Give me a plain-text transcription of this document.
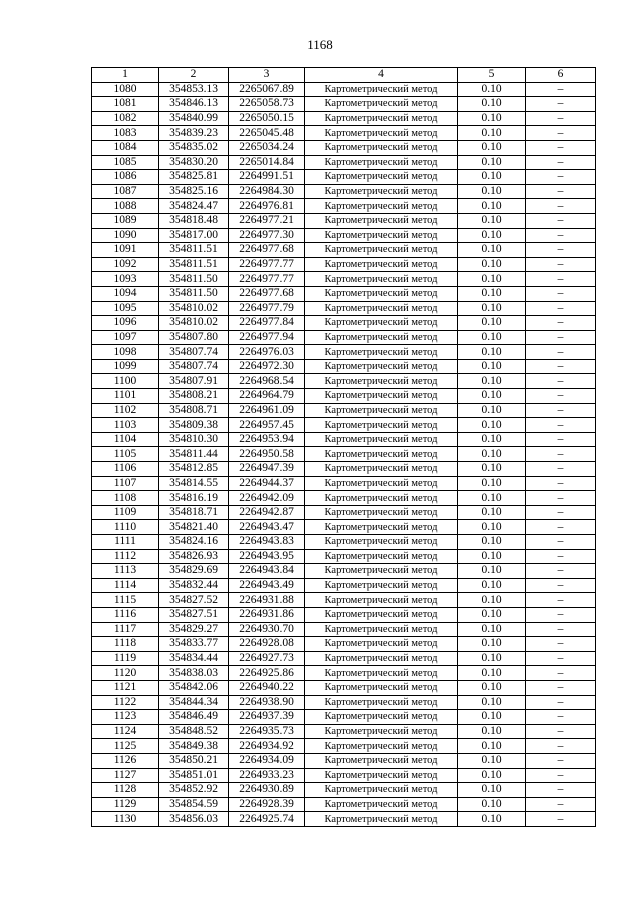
1168
1	2	3	4	5	6
1080	354853.13	2265067.89	Картометрический метод	0.10	–
1081	354846.13	2265058.73	Картометрический метод	0.10	–
1082	354840.99	2265050.15	Картометрический метод	0.10	–
1083	354839.23	2265045.48	Картометрический метод	0.10	–
1084	354835.02	2265034.24	Картометрический метод	0.10	–
1085	354830.20	2265014.84	Картометрический метод	0.10	–
1086	354825.81	2264991.51	Картометрический метод	0.10	–
1087	354825.16	2264984.30	Картометрический метод	0.10	–
1088	354824.47	2264976.81	Картометрический метод	0.10	–
1089	354818.48	2264977.21	Картометрический метод	0.10	–
1090	354817.00	2264977.30	Картометрический метод	0.10	–
1091	354811.51	2264977.68	Картометрический метод	0.10	–
1092	354811.51	2264977.77	Картометрический метод	0.10	–
1093	354811.50	2264977.77	Картометрический метод	0.10	–
1094	354811.50	2264977.68	Картометрический метод	0.10	–
1095	354810.02	2264977.79	Картометрический метод	0.10	–
1096	354810.02	2264977.84	Картометрический метод	0.10	–
1097	354807.80	2264977.94	Картометрический метод	0.10	–
1098	354807.74	2264976.03	Картометрический метод	0.10	–
1099	354807.74	2264972.30	Картометрический метод	0.10	–
1100	354807.91	2264968.54	Картометрический метод	0.10	–
1101	354808.21	2264964.79	Картометрический метод	0.10	–
1102	354808.71	2264961.09	Картометрический метод	0.10	–
1103	354809.38	2264957.45	Картометрический метод	0.10	–
1104	354810.30	2264953.94	Картометрический метод	0.10	–
1105	354811.44	2264950.58	Картометрический метод	0.10	–
1106	354812.85	2264947.39	Картометрический метод	0.10	–
1107	354814.55	2264944.37	Картометрический метод	0.10	–
1108	354816.19	2264942.09	Картометрический метод	0.10	–
1109	354818.71	2264942.87	Картометрический метод	0.10	–
1110	354821.40	2264943.47	Картометрический метод	0.10	–
1111	354824.16	2264943.83	Картометрический метод	0.10	–
1112	354826.93	2264943.95	Картометрический метод	0.10	–
1113	354829.69	2264943.84	Картометрический метод	0.10	–
1114	354832.44	2264943.49	Картометрический метод	0.10	–
1115	354827.52	2264931.88	Картометрический метод	0.10	–
1116	354827.51	2264931.86	Картометрический метод	0.10	–
1117	354829.27	2264930.70	Картометрический метод	0.10	–
1118	354833.77	2264928.08	Картометрический метод	0.10	–
1119	354834.44	2264927.73	Картометрический метод	0.10	–
1120	354838.03	2264925.86	Картометрический метод	0.10	–
1121	354842.06	2264940.22	Картометрический метод	0.10	–
1122	354844.34	2264938.90	Картометрический метод	0.10	–
1123	354846.49	2264937.39	Картометрический метод	0.10	–
1124	354848.52	2264935.73	Картометрический метод	0.10	–
1125	354849.38	2264934.92	Картометрический метод	0.10	–
1126	354850.21	2264934.09	Картометрический метод	0.10	–
1127	354851.01	2264933.23	Картометрический метод	0.10	–
1128	354852.92	2264930.89	Картометрический метод	0.10	–
1129	354854.59	2264928.39	Картометрический метод	0.10	–
1130	354856.03	2264925.74	Картометрический метод	0.10	–
